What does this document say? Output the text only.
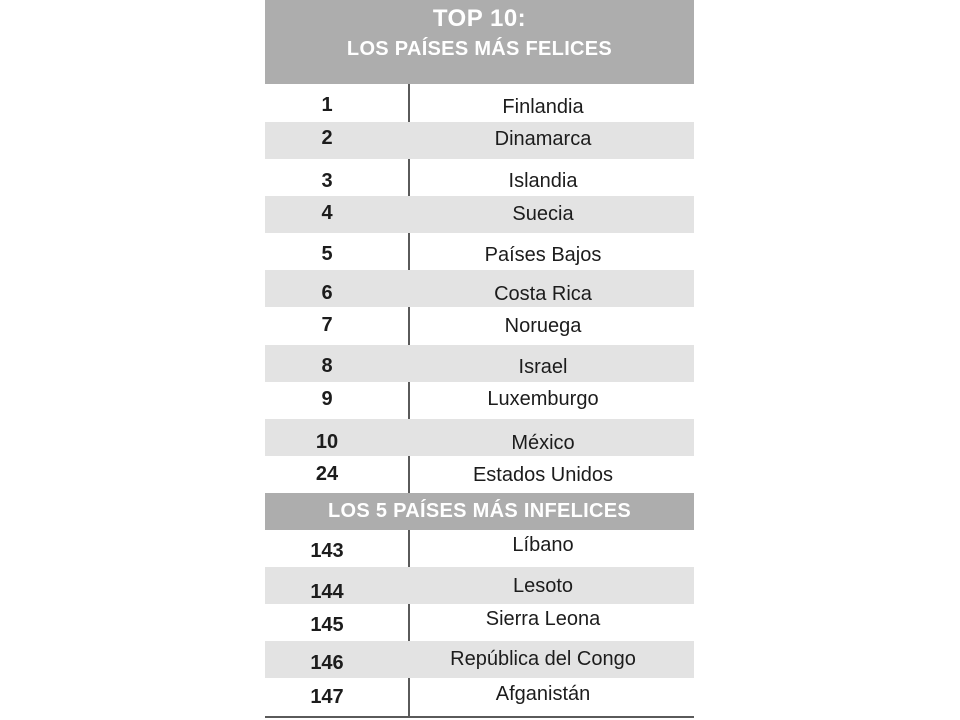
TOP 10:
LOS PAÍSES MÁS FELICES
1	Finlandia
2	Dinamarca
3	Islandia
4	Suecia
5	Países Bajos
6	Costa Rica
7	Noruega
8	Israel
9	Luxemburgo
10	México
24	Estados Unidos
LOS 5 PAÍSES MÁS INFELICES
143	Líbano
144	Lesoto
145	Sierra Leona
146	República del Congo
147	Afganistán
